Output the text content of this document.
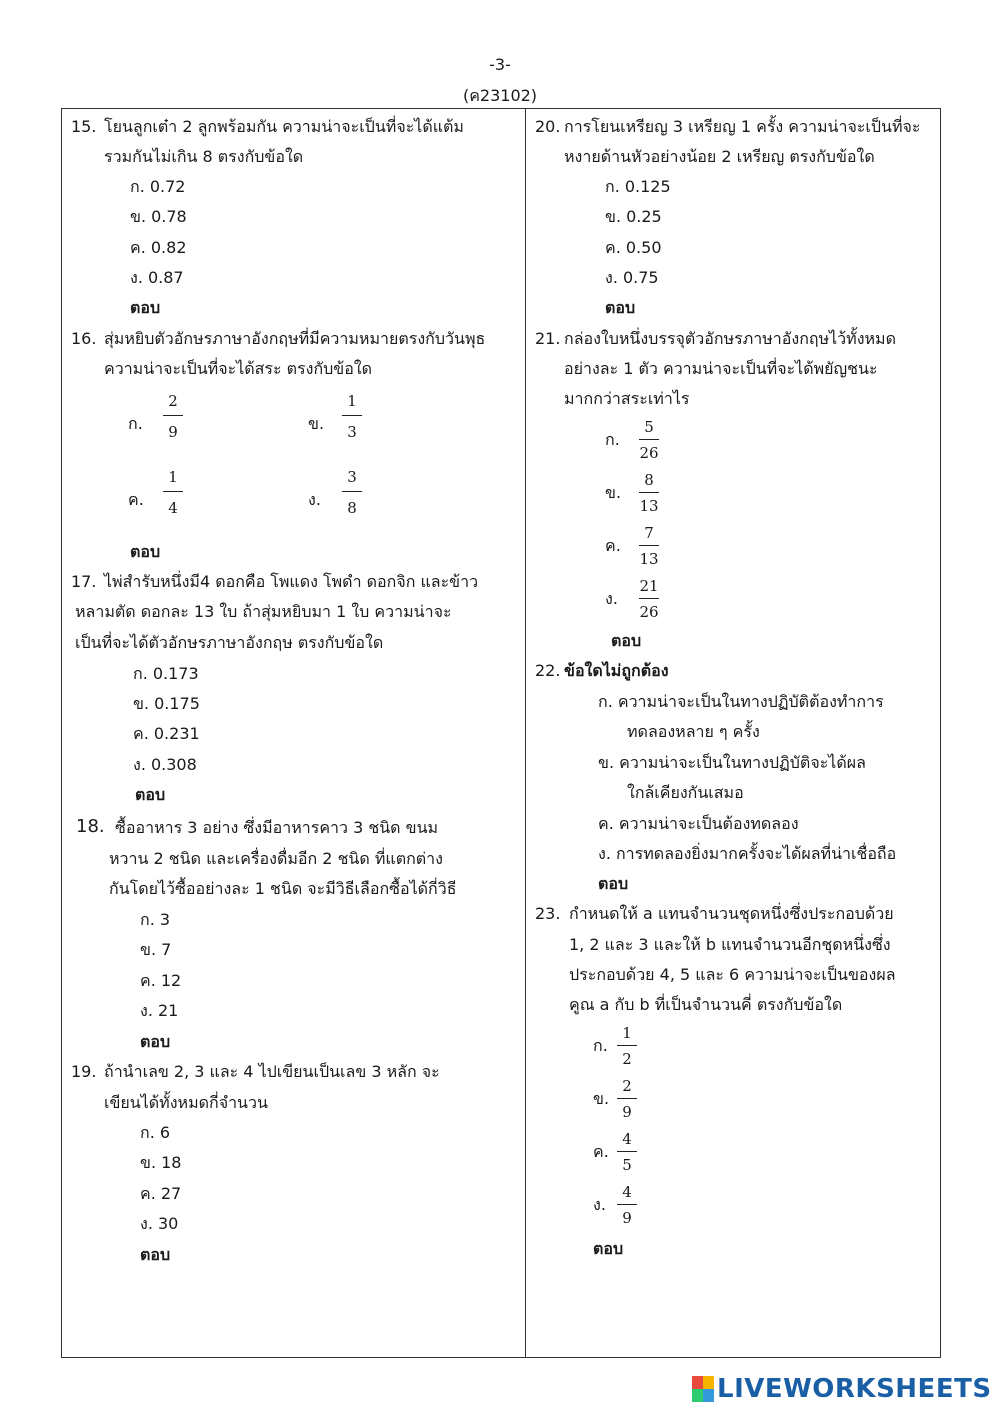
-3-
(ค23102)
15. โยนลูกเต๋า 2 ลูกพร้อมกัน ความน่าจะเป็นที่จะได้แต้ม
รวมกันไม่เกิน 8 ตรงกับข้อใด
ก. 0.72
ข. 0.78
ค. 0.82
ง. 0.87
ตอบ
16. สุ่มหยิบตัวอักษรภาษาอังกฤษที่มีความหมายตรงกับวันพุธ
ความน่าจะเป็นที่จะได้สระ ตรงกับข้อใด
ก.
2
9	ข.
1
3
ค.
1
4	ง.
3
8
ตอบ
17. ไพ่สำรับหนึ่งมี4 ดอกคือ โพแดง โพดำ ดอกจิก และข้าว
หลามตัด ดอกละ 13 ใบ ถ้าสุ่มหยิบมา 1 ใบ ความน่าจะ
เป็นที่จะได้ตัวอักษรภาษาอังกฤษ ตรงกับข้อใด
ก. 0.173
ข. 0.175
ค. 0.231
ง. 0.308
ตอบ
18. ซื้ออาหาร 3 อย่าง ซึ่งมีอาหารคาว 3 ชนิด ขนม
หวาน 2 ชนิด และเครื่องดื่มอีก 2 ชนิด ที่แตกต่าง
กันโดยไว้ซื้ออย่างละ 1 ชนิด จะมีวิธีเลือกซื้อได้กี่วิธี
ก. 3
ข. 7
ค. 12
ง. 21
ตอบ
19. ถ้านำเลข 2, 3 และ 4 ไปเขียนเป็นเลข 3 หลัก จะ
เขียนได้ทั้งหมดกี่จำนวน
ก. 6
ข. 18
ค. 27
ง. 30
ตอบ
20. การโยนเหรียญ 3 เหรียญ 1 ครั้ง ความน่าจะเป็นที่จะ
หงายด้านหัวอย่างน้อย 2 เหรียญ ตรงกับข้อใด
ก. 0.125
ข. 0.25
ค. 0.50
ง. 0.75
ตอบ
21. กล่องใบหนึ่งบรรจุตัวอักษรภาษาอังกฤษไว้ทั้งหมด
อย่างละ 1 ตัว ความน่าจะเป็นที่จะได้พยัญชนะ
มากกว่าสระเท่าไร
ก.
5
26
ข.
8
13
ค.
7
13
ง.
21
26
ตอบ
22. ข้อใดไม่ถูกต้อง
ก. ความน่าจะเป็นในทางปฏิบัติต้องทำการ
ทดลองหลาย ๆ ครั้ง
ข. ความน่าจะเป็นในทางปฏิบัติจะได้ผล
ใกล้เคียงกันเสมอ
ค. ความน่าจะเป็นต้องทดลอง
ง. การทดลองยิ่งมากครั้งจะได้ผลที่น่าเชื่อถือ
ตอบ
23. กำหนดให้ a แทนจำนวนชุดหนึ่งซึ่งประกอบด้วย
1, 2 และ 3 และให้ b แทนจำนวนอีกชุดหนึ่งซึ่ง
ประกอบด้วย 4, 5 และ 6 ความน่าจะเป็นของผล
คูณ a กับ b ที่เป็นจำนวนคี่ ตรงกับข้อใด
ก.
1
2
ข.
2
9
ค.
4
5
ง.
4
9
ตอบ
LIVEWORKSHEETS
